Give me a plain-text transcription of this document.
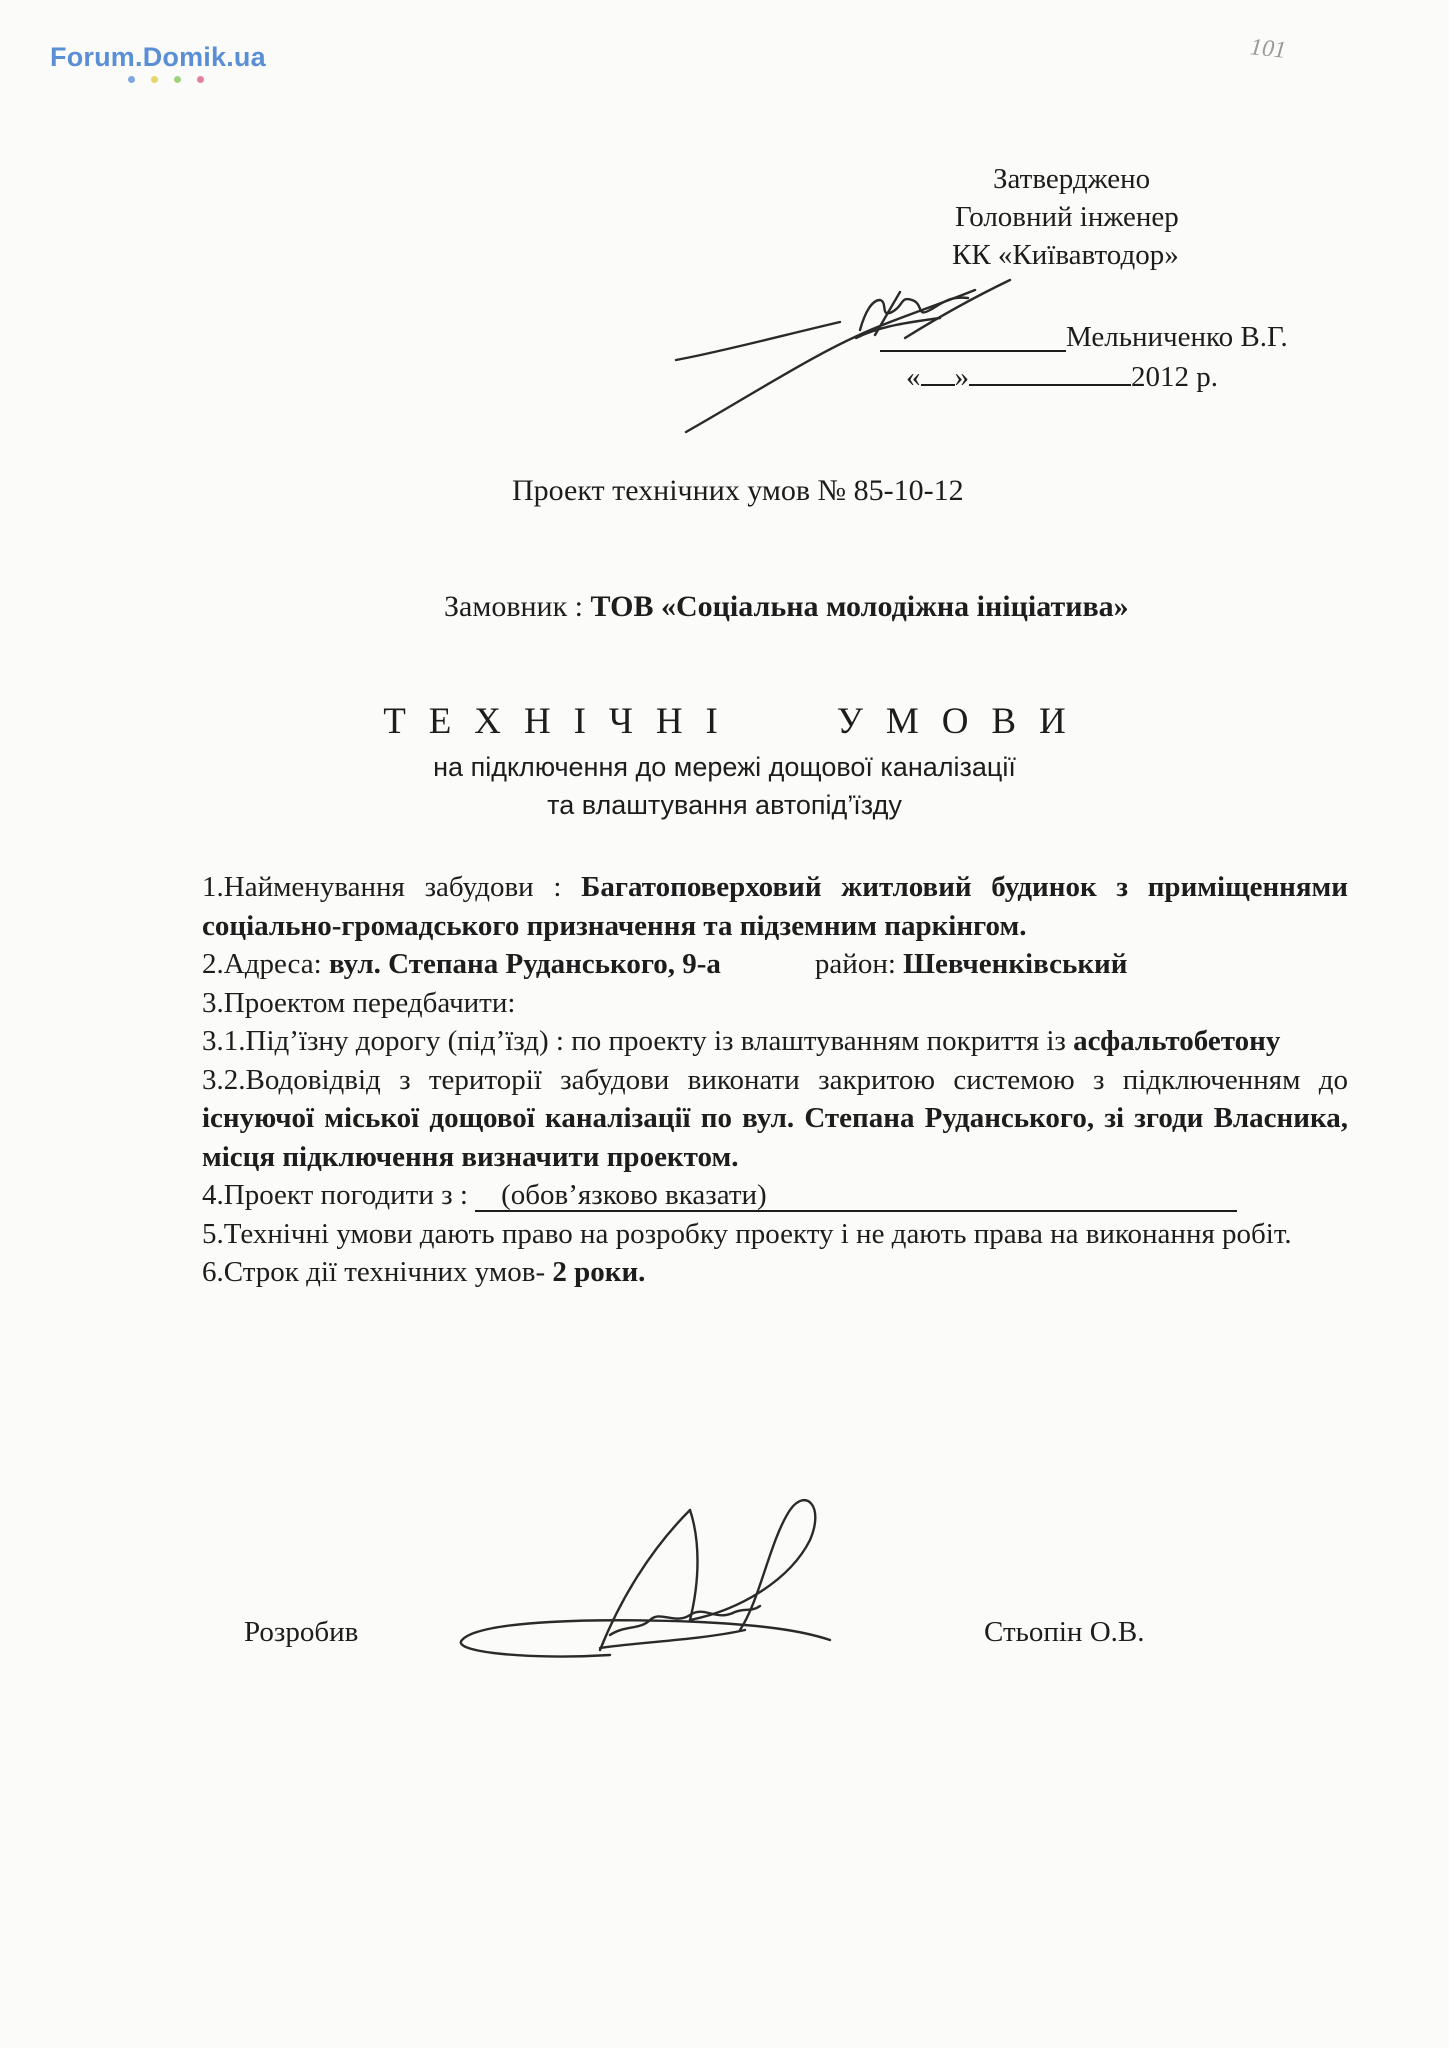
Forum.Domik.ua	101
Затверджено
Головний інженер
КК «Київавтодор»
Мельниченко В.Г.
« »	2012 р.
Проект технічних умов № 85-10-12
Замовник : ТОВ «Соціальна молодіжна ініціатива»
ТЕХНІЧНІ	УМОВИ
на підключення до мережі дощової каналізації
та влаштування автопід’їзду

1.Найменування забудови : Багатоповерховий житловий будинок з приміщеннями соціально-громадського призначення та підземним паркінгом.

2.Адреса: вул. Степана Руданського, 9-а	район: Шевченківський

3.Проектом передбачити:

3.1.Під’їзну дорогу (під’їзд) : по проекту із влаштуванням покриття із асфальтобетону

3.2.Водовідвід з території забудови виконати закритою системою з підключенням до існуючої міської дощової каналізації по вул. Степана Руданського, зі згоди Власника, місця підключення визначити проектом.

4.Проект погодити з : (обов’язково вказати)

5.Технічні умови дають право на розробку проекту і не дають права на виконання робіт.

6.Строк дії технічних умов- 2 роки.

Розробив	Стьопін О.В.
